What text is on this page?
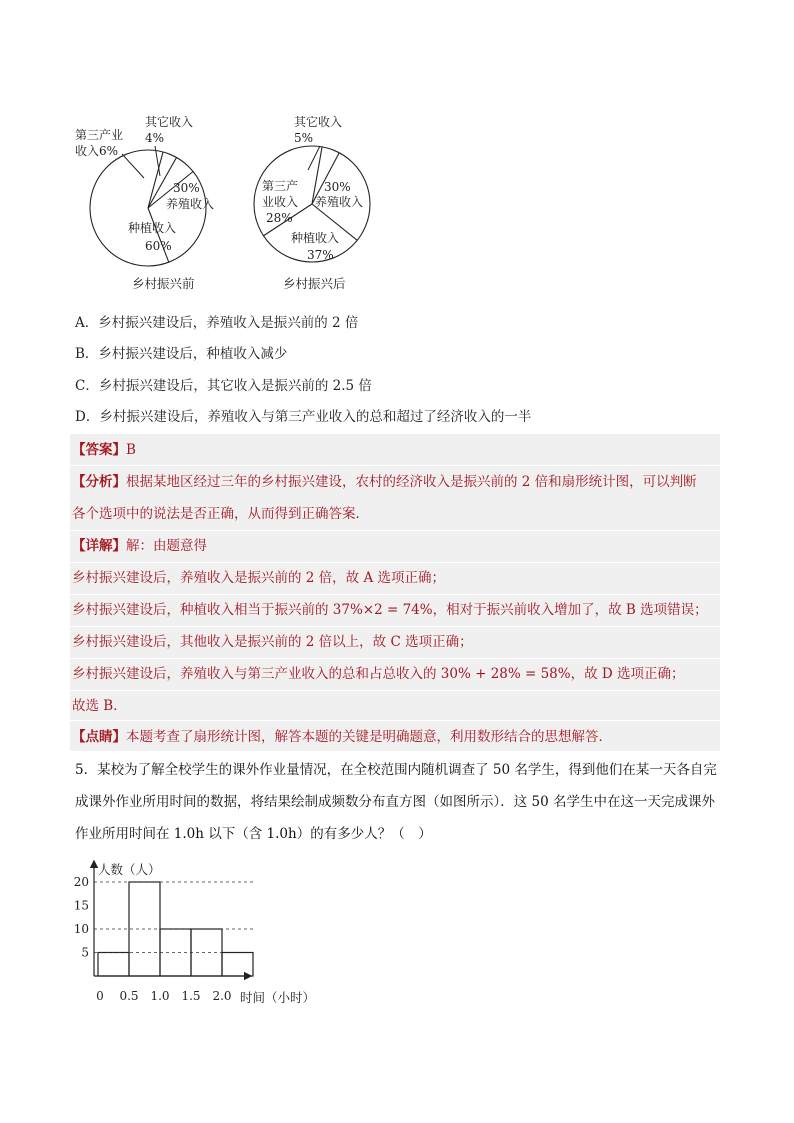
其它收入
4%
第三产业
收入6%
30%
养殖收入
种植收入
60%
乡村振兴前
其它收入
5%
第三产
业收入
28%
30%
养殖收入
种植收入
37%
乡村振兴后
A．乡村振兴建设后，养殖收入是振兴前的 2 倍
B．乡村振兴建设后，种植收入减少
C．乡村振兴建设后，其它收入是振兴前的 2.5 倍
D．乡村振兴建设后，养殖收入与第三产业收入的总和超过了经济收入的一半
【答案】B
【分析】根据某地区经过三年的乡村振兴建设，农村的经济收入是振兴前的 2 倍和扇形统计图，可以判断
各个选项中的说法是否正确，从而得到正确答案．
【详解】解：由题意得
乡村振兴建设后，养殖收入是振兴前的 2 倍，故 A 选项正确；
乡村振兴建设后，种植收入相当于振兴前的 37%×2 = 74%，相对于振兴前收入增加了，故 B 选项错误；
乡村振兴建设后，其他收入是振兴前的 2 倍以上，故 C 选项正确；
乡村振兴建设后，养殖收入与第三产业收入的总和占总收入的 30% + 28% = 58%，故 D 选项正确；
故选 B．
【点睛】本题考查了扇形统计图，解答本题的关键是明确题意，利用数形结合的思想解答．
5．某校为了解全校学生的课外作业量情况，在全校范围内随机调查了 50 名学生，得到他们在某一天各自完
成课外作业所用时间的数据，将结果绘制成频数分布直方图（如图所示）．这 50 名学生中在这一天完成课外
作业所用时间在 1.0h 以下（含 1.0h）的有多少人？（　）
人数（人）
时间（小时）
5
10
15
20
0 0.5 1.0 1.5 2.0
